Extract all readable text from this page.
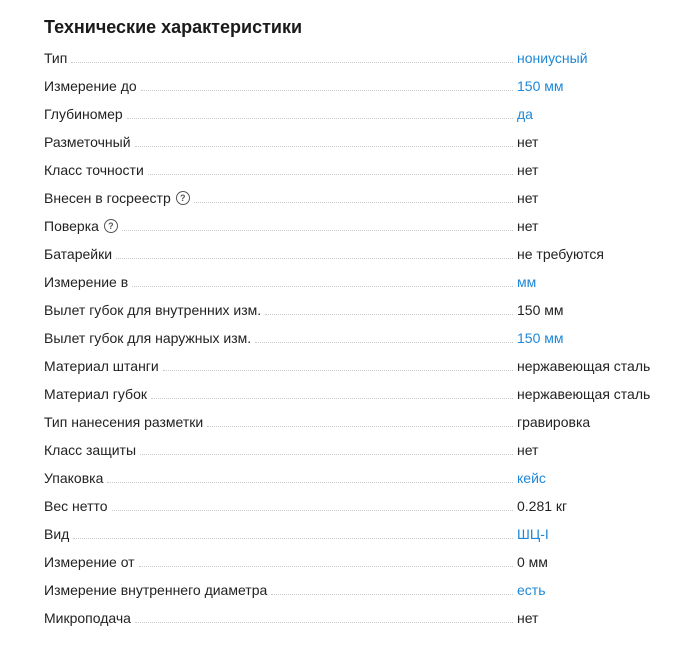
Технические характеристики
Тип	нониусный
Измерение до	150 мм
Глубиномер	да
Разметочный	нет
Класс точности	нет
Внесен в госреестр	?	нет
Поверка	?	нет
Батарейки	не требуются
Измерение в	мм
Вылет губок для внутренних изм.	150 мм
Вылет губок для наружных изм.	150 мм
Материал штанги	нержавеющая сталь
Материал губок	нержавеющая сталь
Тип нанесения разметки	гравировка
Класс защиты	нет
Упаковка	кейс
Вес нетто	0.281 кг
Вид	ШЦ-I
Измерение от	0 мм
Измерение внутреннего диаметра	есть
Микроподача	нет
